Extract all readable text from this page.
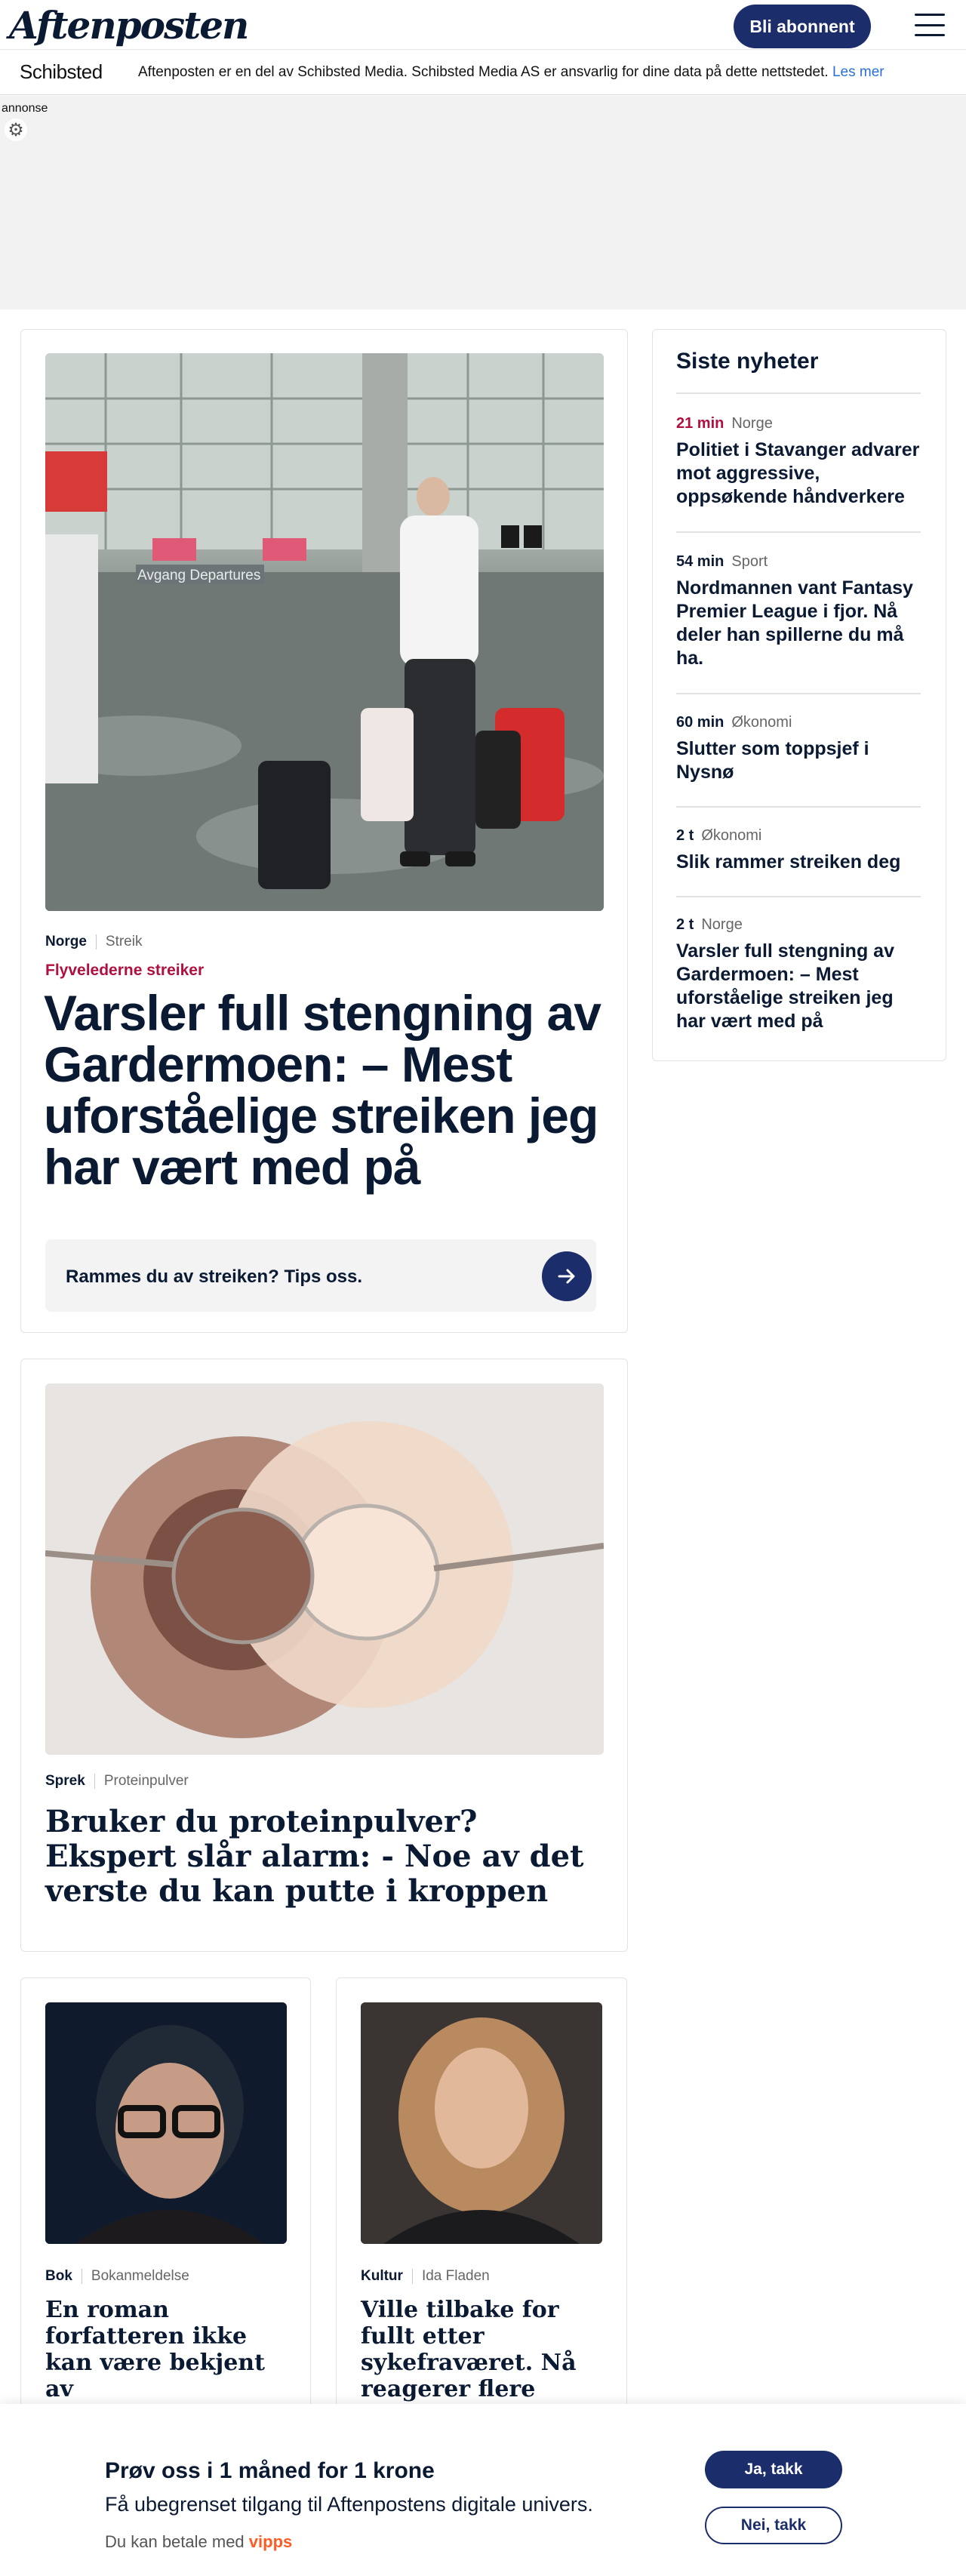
Aftenposten	Bli abonnent
Schibsted Aftenposten er en del av Schibsted Media. Schibsted Media AS er ansvarlig for dine data på dette nettstedet. Les mer
annonse
⚙
Avgang Departures
Norge Streik
Flyvelederne streiker
Varsler full stengning av Gardermoen: – Mest uforståelige streiken jeg har vært med på
Rammes du av streiken? Tips oss.
Siste nyheter
21 min Norge
Politiet i Stavanger advarer mot aggressive, oppsøkende håndverkere
54 min Sport
Nordmannen vant Fantasy Premier League i fjor. Nå deler han spillerne du må ha.
60 min Økonomi
Slutter som toppsjef i Nysnø
2 t Økonomi
Slik rammer streiken deg
2 t Norge
Varsler full stengning av Gardermoen: – Mest uforståelige streiken jeg har vært med på
Sprek Proteinpulver
Bruker du proteinpulver? Ekspert slår alarm: - Noe av det verste du kan putte i kroppen
Bok Bokanmeldelse
En roman forfatteren ikke kan være bekjent av
Kultur Ida Fladen
Ville tilbake for fullt etter sykefraværet. Nå reagerer flere
Prøv oss i 1 måned for 1 krone
Få ubegrenset tilgang til Aftenpostens digitale univers.
Du kan betale med vipps
Ja, takk
Nei, takk
